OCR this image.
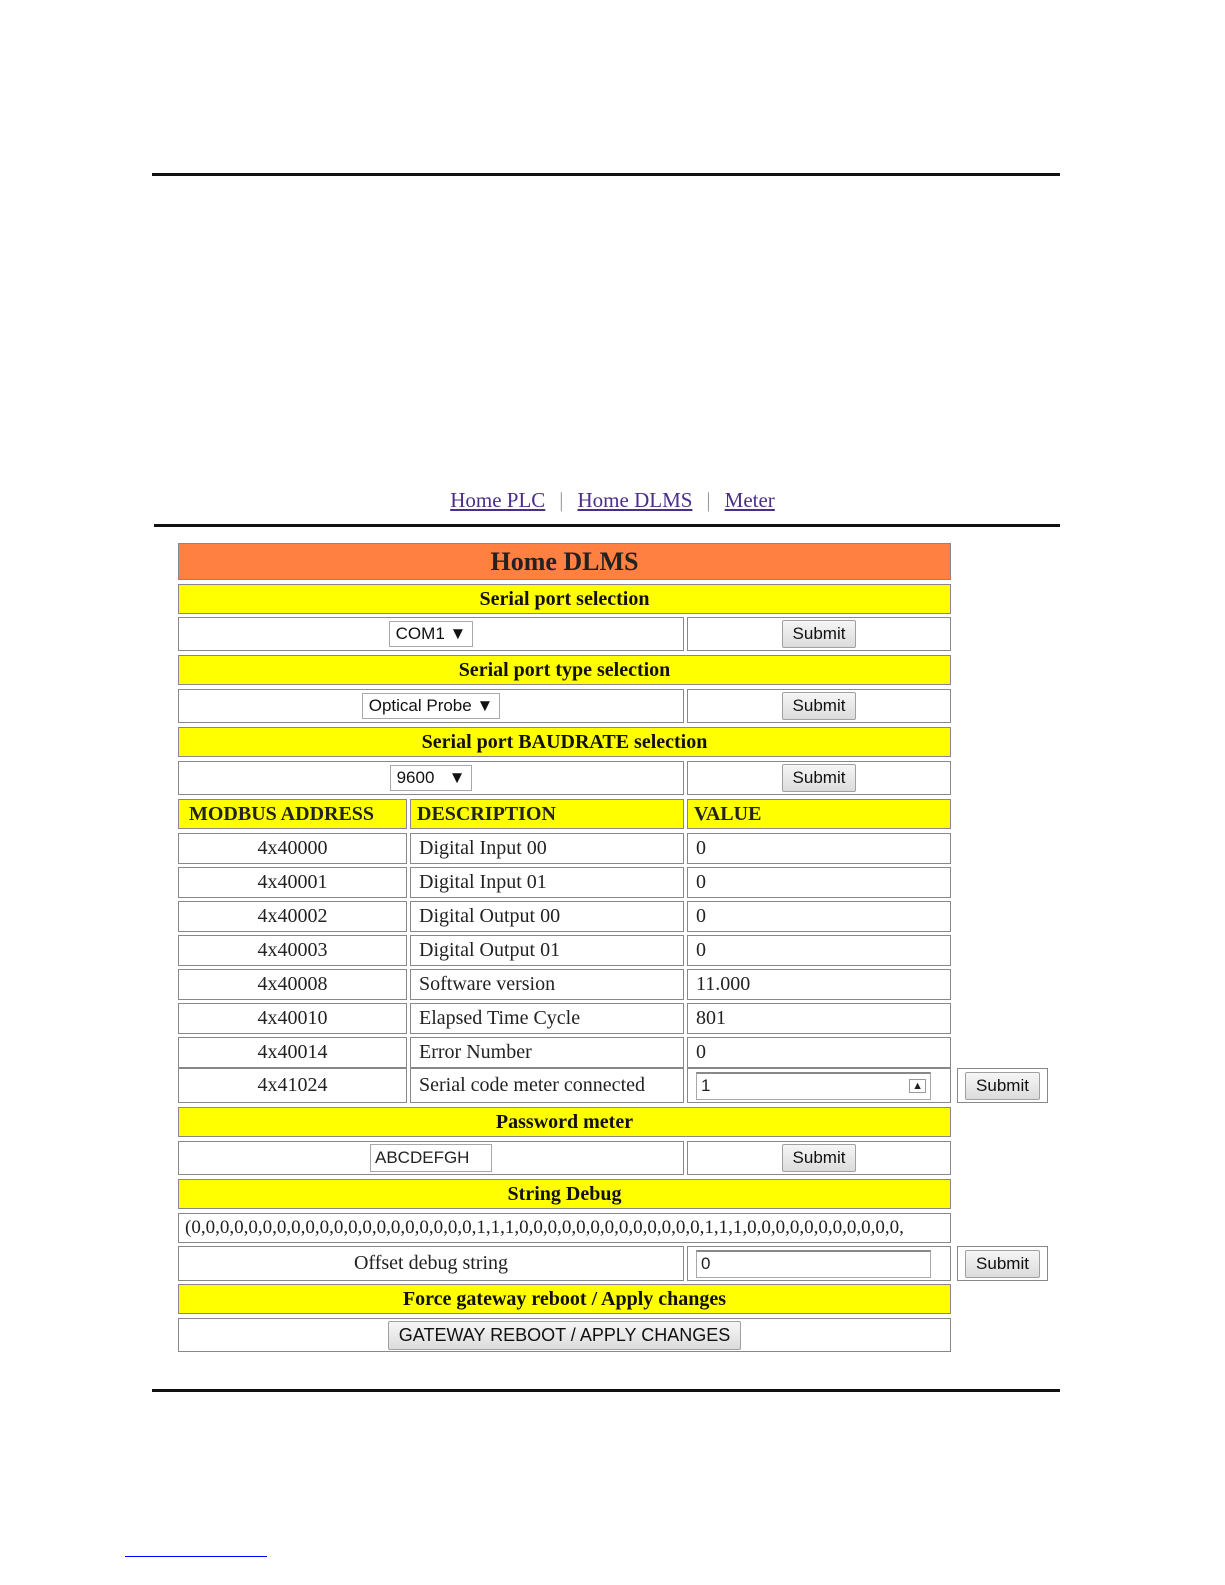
Home PLC | Home DLMS | Meter
Home DLMS
Serial port selection
COM1 ▼	Submit
Serial port type selection
Optical Probe ▼	Submit
Serial port BAUDRATE selection
9600   ▼	Submit
MODBUS ADDRESS	DESCRIPTION	VALUE
4x40000	Digital Input 00	0
4x40001	Digital Input 01	0
4x40002	Digital Output 00	0
4x40003	Digital Output 01	0
4x40008	Software version	11.000
4x40010	Elapsed Time Cycle	801
4x40014	Error Number	0
4x41024	Serial code meter connected	1	▲	Submit
Password meter
ABCDEFGH	Submit
String Debug
(0,0,0,0,0,0,0,0,0,0,0,0,0,0,0,0,0,0,0,0,1,1,1,0,0,0,0,0,0,0,0,0,0,0,0,0,1,1,1,0,0,0,0,0,0,0,0,0,0,0,
Offset debug string	0	Submit
Force gateway reboot / Apply changes
GATEWAY REBOOT / APPLY CHANGES
